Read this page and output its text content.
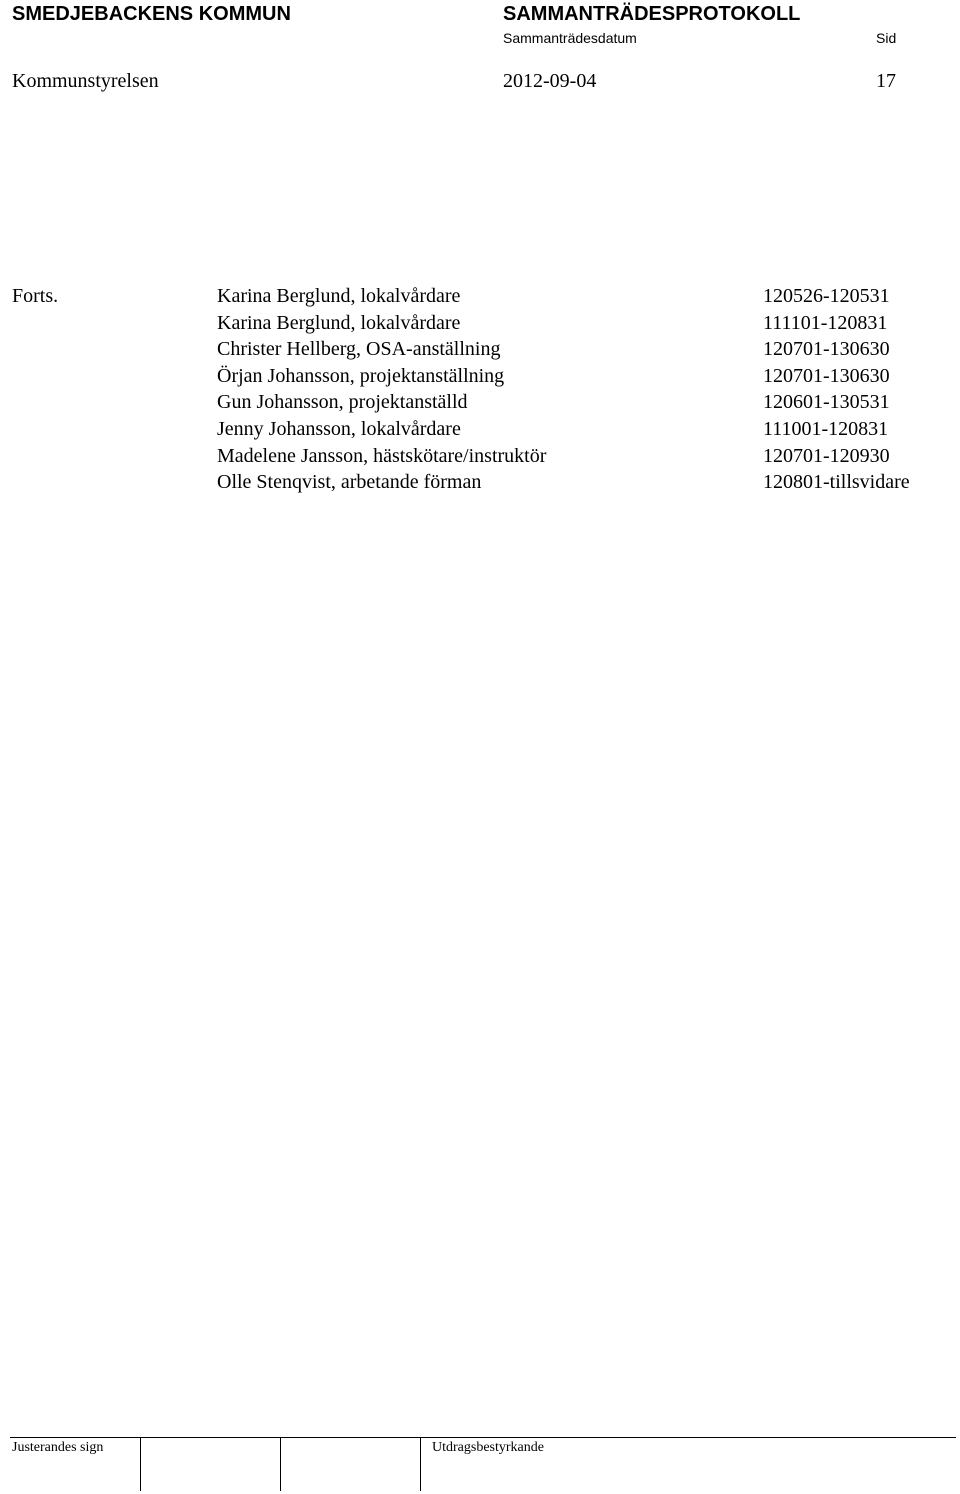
SMEDJEBACKENS KOMMUN	SAMMANTRÄDESPROTOKOLL
Sammanträdesdatum	Sid
Kommunstyrelsen	2012-09-04	17
Forts.	Karina Berglund, lokalvårdare	120526-120531
Karina Berglund, lokalvårdare	111101-120831
Christer Hellberg, OSA-anställning	120701-130630
Örjan Johansson, projektanställning	120701-130630
Gun Johansson, projektanställd	120601-130531
Jenny Johansson, lokalvårdare	111001-120831
Madelene Jansson, hästskötare/instruktör	120701-120930
Olle Stenqvist, arbetande förman	120801-tillsvidare
Justerandes sign	Utdragsbestyrkande
